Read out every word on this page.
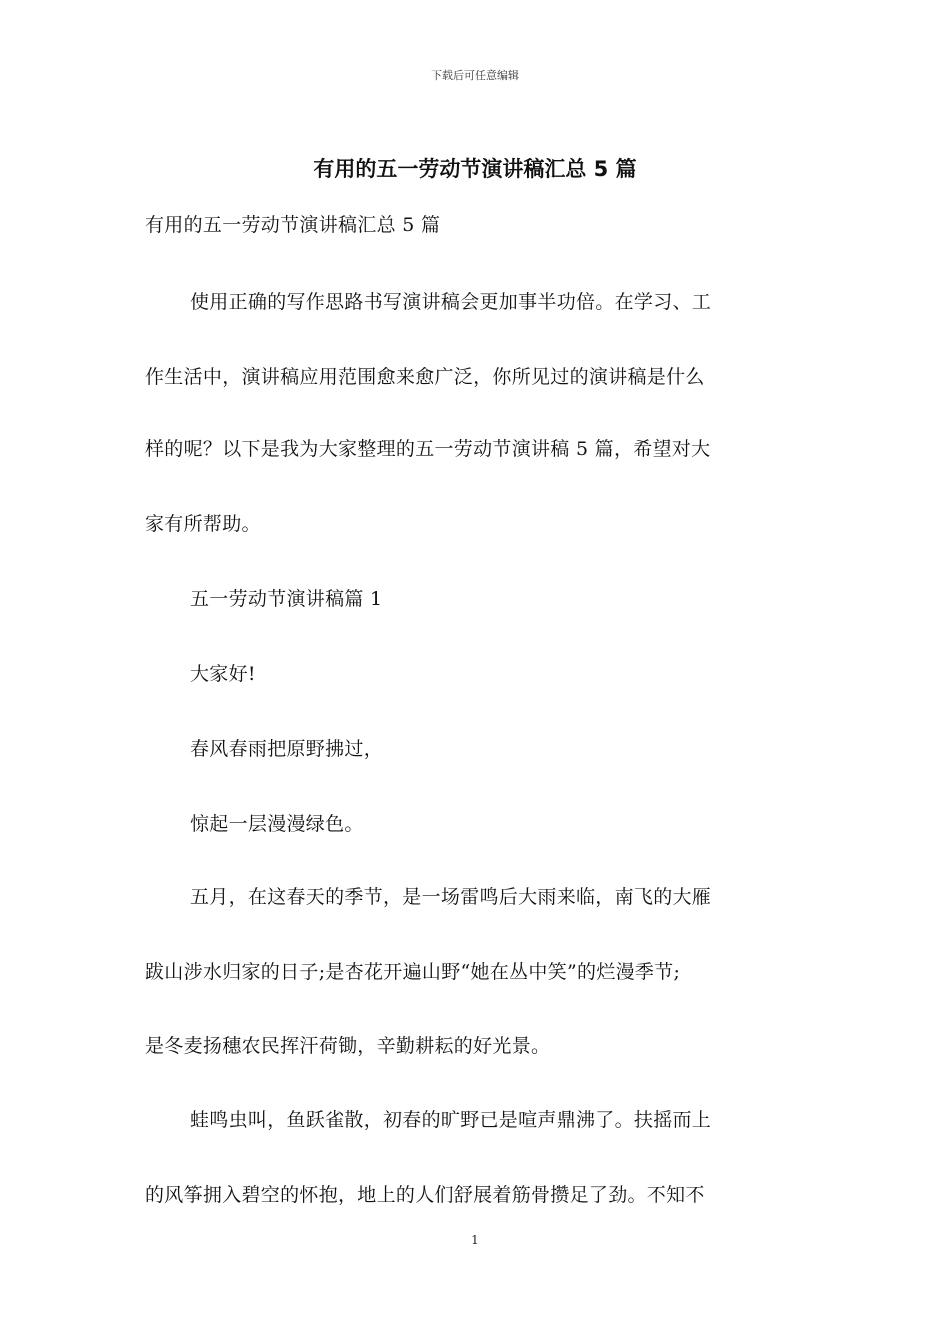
下载后可任意编辑
有用的五一劳动节演讲稿汇总 5 篇
有用的五一劳动节演讲稿汇总 5 篇
使用正确的写作思路书写演讲稿会更加事半功倍。在学习、工
作生活中，演讲稿应用范围愈来愈广泛，你所见过的演讲稿是什么
样的呢？以下是我为大家整理的五一劳动节演讲稿 5 篇，希望对大
家有所帮助。
五一劳动节演讲稿篇 1
大家好!
春风春雨把原野拂过，
惊起一层漫漫绿色。
五月，在这春天的季节，是一场雷鸣后大雨来临，南飞的大雁
跋山涉水归家的日子;是杏花开遍山野“她在丛中笑”的烂漫季节;
是冬麦扬穗农民挥汗荷锄，辛勤耕耘的好光景。
蛙鸣虫叫，鱼跃雀散，初春的旷野已是喧声鼎沸了。扶摇而上
的风筝拥入碧空的怀抱，地上的人们舒展着筋骨攒足了劲。不知不
1
